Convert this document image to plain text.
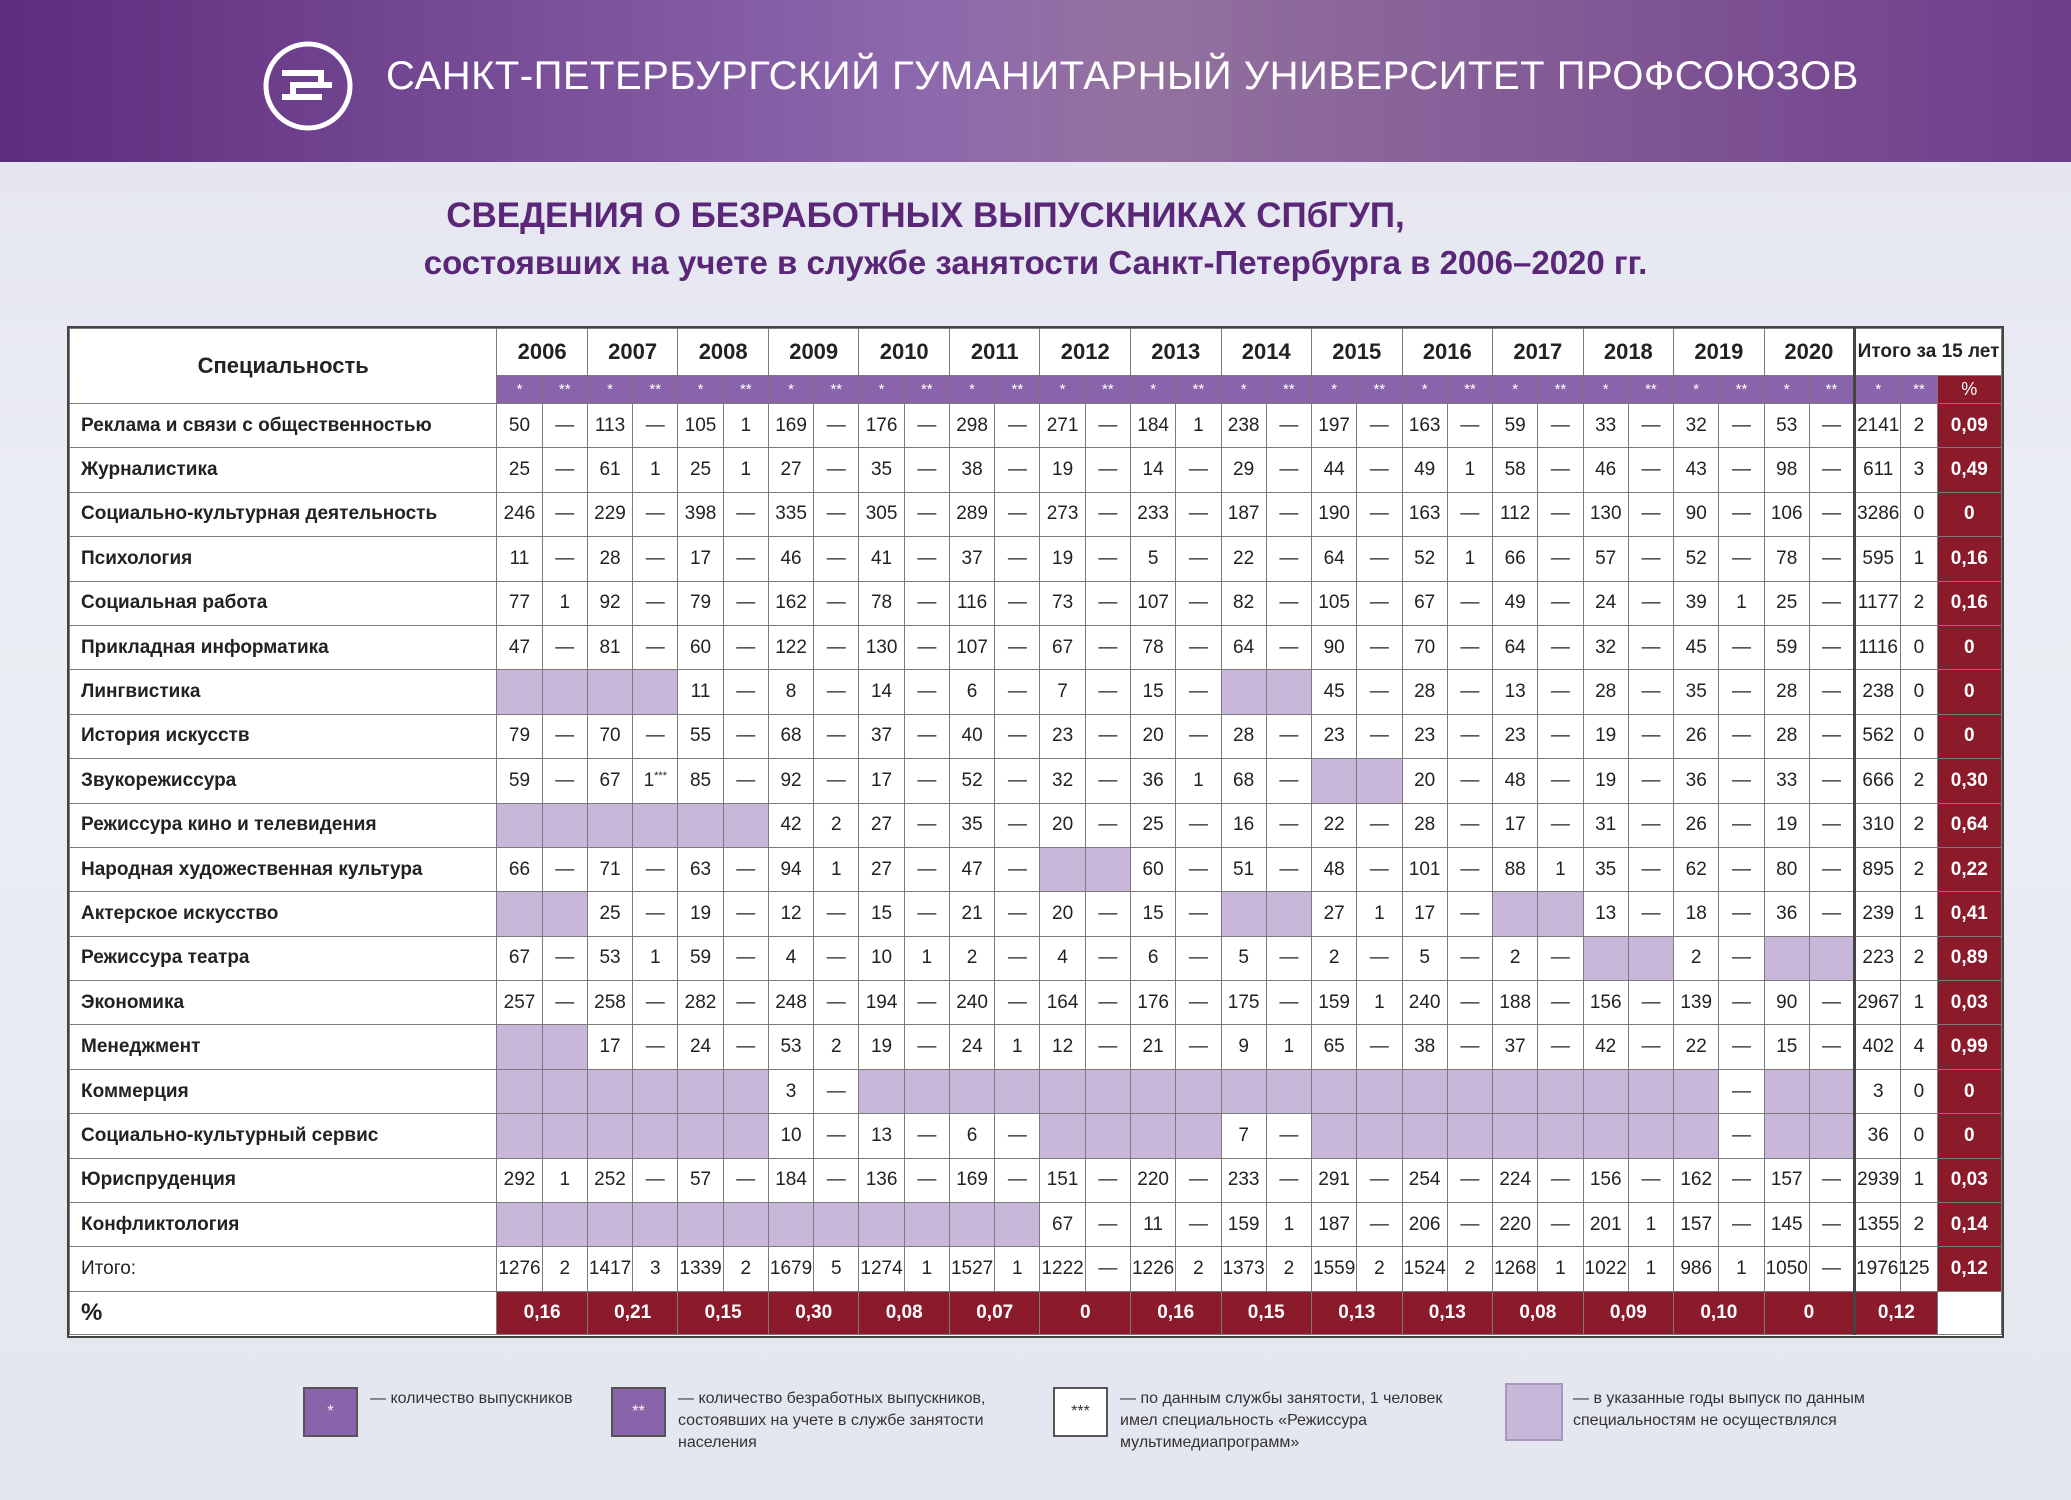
САНКТ-ПЕТЕРБУРГСКИЙ ГУМАНИТАРНЫЙ УНИВЕРСИТЕТ ПРОФСОЮЗОВ
СВЕДЕНИЯ О БЕЗРАБОТНЫХ ВЫПУСКНИКАХ СПбГУП,
состоявших на учете в службе занятости Санкт-Петербурга в 2006–2020 гг.
Специальность	2006		2007		2008		2009		2010		2011		2012		2013		2014		2015		2016		2017		2018		2019		2020		Итого за 15 лет		
	*	**	*	**	*	**	*	**	*	**	*	**	*	**	*	**	*	**	*	**	*	**	*	**	*	**	*	**	*	**	*	**	%
Реклама и связи с общественностью	50	—	113	—	105	1	169	—	176	—	298	—	271	—	184	1	238	—	197	—	163	—	59	—	33	—	32	—	53	—	2141	2	0,09
Журналистика	25	—	61	1	25	1	27	—	35	—	38	—	19	—	14	—	29	—	44	—	49	1	58	—	46	—	43	—	98	—	611	3	0,49
Социально-культурная деятельность	246	—	229	—	398	—	335	—	305	—	289	—	273	—	233	—	187	—	190	—	163	—	112	—	130	—	90	—	106	—	3286	0	0
Психология	11	—	28	—	17	—	46	—	41	—	37	—	19	—	5	—	22	—	64	—	52	1	66	—	57	—	52	—	78	—	595	1	0,16
Социальная работа	77	1	92	—	79	—	162	—	78	—	116	—	73	—	107	—	82	—	105	—	67	—	49	—	24	—	39	1	25	—	1177	2	0,16
Прикладная информатика	47	—	81	—	60	—	122	—	130	—	107	—	67	—	78	—	64	—	90	—	70	—	64	—	32	—	45	—	59	—	1116	0	0
Лингвистика					11	—	8	—	14	—	6	—	7	—	15	—			45	—	28	—	13	—	28	—	35	—	28	—	238	0	0
История искусств	79	—	70	—	55	—	68	—	37	—	40	—	23	—	20	—	28	—	23	—	23	—	23	—	19	—	26	—	28	—	562	0	0
Звукорежиссура	59	—	67	1***	85	—	92	—	17	—	52	—	32	—	36	1	68	—			20	—	48	—	19	—	36	—	33	—	666	2	0,30
Режиссура кино и телевидения							42	2	27	—	35	—	20	—	25	—	16	—	22	—	28	—	17	—	31	—	26	—	19	—	310	2	0,64
Народная художественная культура	66	—	71	—	63	—	94	1	27	—	47	—			60	—	51	—	48	—	101	—	88	1	35	—	62	—	80	—	895	2	0,22
Актерское искусство			25	—	19	—	12	—	15	—	21	—	20	—	15	—			27	1	17	—			13	—	18	—	36	—	239	1	0,41
Режиссура театра	67	—	53	1	59	—	4	—	10	1	2	—	4	—	6	—	5	—	2	—	5	—	2	—			2	—			223	2	0,89
Экономика	257	—	258	—	282	—	248	—	194	—	240	—	164	—	176	—	175	—	159	1	240	—	188	—	156	—	139	—	90	—	2967	1	0,03
Менеджмент			17	—	24	—	53	2	19	—	24	1	12	—	21	—	9	1	65	—	38	—	37	—	42	—	22	—	15	—	402	4	0,99
Коммерция							3	—																				—			3	0	0
Социально-культурный сервис							10	—	13	—	6	—					7	—										—			36	0	0
Юриспруденция	292	1	252	—	57	—	184	—	136	—	169	—	151	—	220	—	233	—	291	—	254	—	224	—	156	—	162	—	157	—	2939	1	0,03
Конфликтология													67	—	11	—	159	1	187	—	206	—	220	—	201	1	157	—	145	—	1355	2	0,14
Итого:	1276	2	1417	3	1339	2	1679	5	1274	1	1527	1	1222	—	1226	2	1373	2	1559	2	1524	2	1268	1	1022	1	986	1	1050	—	19761	25	0,12
%	0,16		0,21		0,15		0,30		0,08		0,07		0		0,16		0,15		0,13		0,13		0,08		0,09		0,10		0		0,12		
*
— количество выпускников
**
— количество безработных выпускников, состоявших на учете в службе занятости населения
***
— по данным службы занятости, 1 человек имел специальность «Режиссура мультимедиапрограмм»
— в указанные годы выпуск по данным специальностям не осуществлялся
